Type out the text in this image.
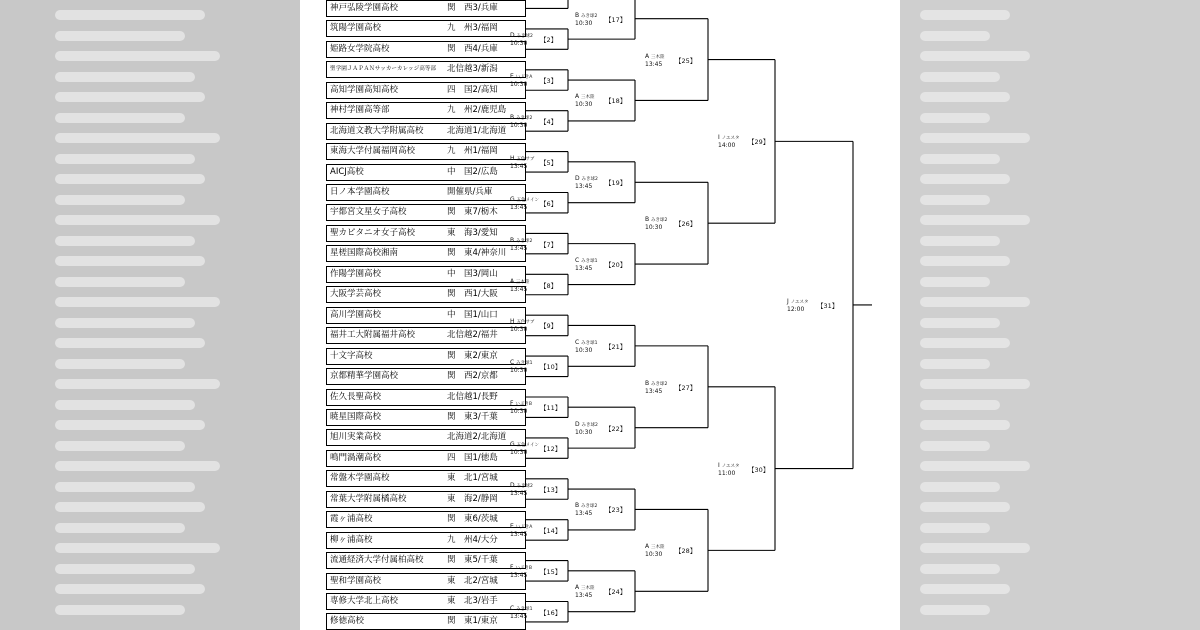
神戸弘陵学園高校	関　西3/兵庫
筑陽学園高校	九　州3/福岡
姫路女学院高校	関　西4/兵庫
聖学園ＪＡＰＡＮサッカーカレッジ高等部 北信越3/新潟
高知学園高知高校	四　国2/高知
神村学園高等部	九　州2/鹿児島
北海道文教大学附属高校	北海道1/北海道
東海大学付属福岡高校	九　州1/福岡
AICJ高校	中　国2/広島
日ノ本学園高校	開催県/兵庫
宇都宮文星女子高校	関　東7/栃木
聖カピタニオ女子高校	東　海3/愛知
星槎国際高校湘南	関　東4/神奈川
作陽学園高校	中　国3/岡山
大阪学芸高校	関　西1/大阪
高川学園高校	中　国1/山口
福井工大附属福井高校	北信越2/福井
十文字高校	関　東2/東京
京都精華学園高校	関　西2/京都
佐久長聖高校	北信越1/長野
暁星国際高校	関　東3/千葉
旭川実業高校	北海道2/北海道
鳴門渦潮高校	四　国1/徳島
常盤木学園高校	東　北1/宮城
常葉大学附属橘高校	東　海2/静岡
霞ヶ浦高校	関　東6/茨城
柳ヶ浦高校	九　州4/大分
流通経済大学付属柏高校	関　東5/千葉
聖和学園高校	東　北2/宮城
専修大学北上高校	東　北3/岩手
修徳高校	関　東1/東京
D みき球2
10:30	【2】
E いぶきA
10:30	【3】
B みき球2
10:30	【4】
H 五色サブ
13:45	【5】
G 五色メイン
13:45	【6】
B みき球2
13:45	【7】
A 三木陸
13:45	【8】
H 五色サブ
10:30	【9】
C みき球1
10:30	【10】
F いぶきB
10:30	【11】
G 五色メイン
10:30	【12】
D みき球2
13:45	【13】
E いぶきA
13:45	【14】
F いぶきB
13:45	【15】
C みき球1
13:45	【16】
B みき球2
10:30	【17】
A 三木陸
10:30	【18】
D みき球2
13:45	【19】
C みき球1
13:45	【20】
C みき球1
10:30	【21】
D みき球2
10:30	【22】
B みき球2
13:45	【23】
A 三木陸
13:45	【24】
A 三木陸
13:45	【25】
B みき球2
10:30	【26】
B みき球2
13:45	【27】
A 三木陸
10:30	【28】
I ノエスタ
14:00	【29】
I ノエスタ
11:00	【30】
J ノエスタ
12:00	【31】
